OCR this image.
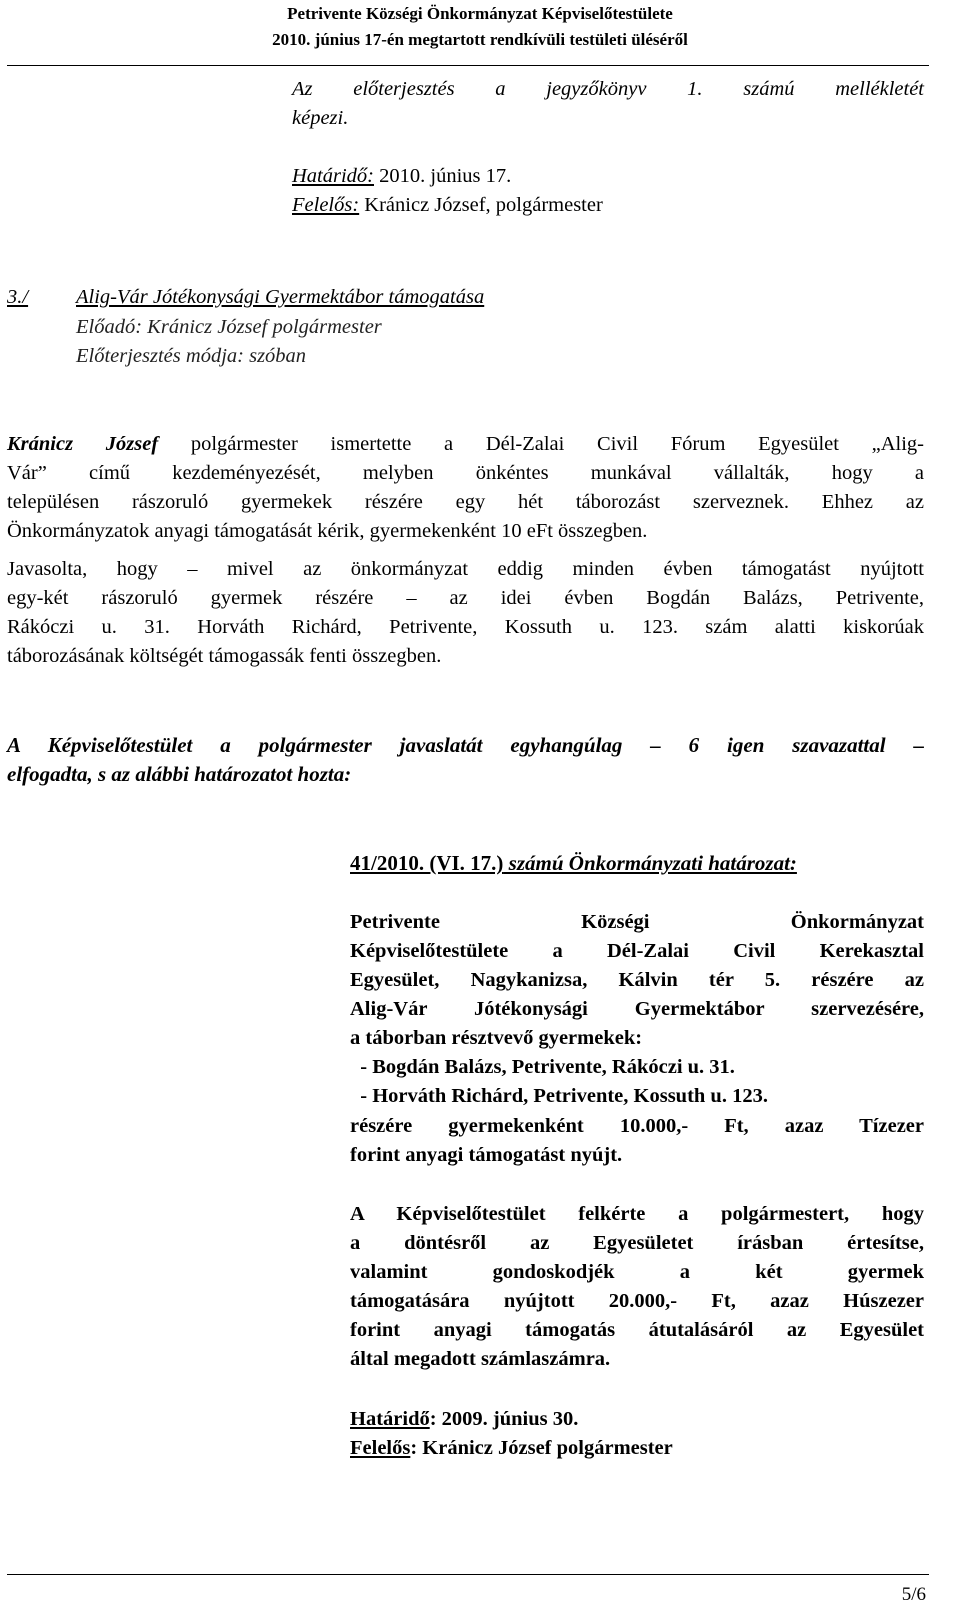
Petrivente Községi Önkormányzat Képviselőtestülete
2010. június 17-én megtartott rendkívüli testületi üléséről
Az előterjesztés a jegyzőkönyv 1. számú mellékletét
képezi.
Határidő: 2010. június 17.
Felelős: Kránicz József, polgármester
3./ Alig-Vár Jótékonysági Gyermektábor támogatása
Előadó: Kránicz József polgármester
Előterjesztés módja: szóban
Kránicz József polgármester ismertette a Dél-Zalai Civil Fórum Egyesület „Alig-
Vár” című kezdeményezését, melyben önkéntes munkával vállalták, hogy a
településen rászoruló gyermekek részére egy hét táborozást szerveznek. Ehhez az
Önkormányzatok anyagi támogatását kérik, gyermekenként 10 eFt összegben.
Javasolta, hogy – mivel az önkormányzat eddig minden évben támogatást nyújtott
egy-két rászoruló gyermek részére – az idei évben Bogdán Balázs, Petrivente,
Rákóczi u. 31. Horváth Richárd, Petrivente, Kossuth u. 123. szám alatti kiskorúak
táborozásának költségét támogassák fenti összegben.
A Képviselőtestület a polgármester javaslatát egyhangúlag – 6 igen szavazattal –
elfogadta, s az alábbi határozatot hozta:
41/2010. (VI. 17.) számú Önkormányzati határozat:
Petrivente Községi Önkormányzat
Képviselőtestülete a Dél-Zalai Civil Kerekasztal
Egyesület, Nagykanizsa, Kálvin tér 5. részére az
Alig-Vár Jótékonysági Gyermektábor szervezésére,
a táborban résztvevő gyermekek:
- Bogdán Balázs, Petrivente, Rákóczi u. 31.
- Horváth Richárd, Petrivente, Kossuth u. 123.
részére gyermekenként 10.000,- Ft, azaz Tízezer
forint anyagi támogatást nyújt.
A Képviselőtestület felkérte a polgármestert, hogy
a döntésről az Egyesületet írásban értesítse,
valamint gondoskodjék a két gyermek
támogatására nyújtott 20.000,- Ft, azaz Húszezer
forint anyagi támogatás átutalásáról az Egyesület
által megadott számlaszámra.
Határidő: 2009. június 30.
Felelős: Kránicz József polgármester
5/6
